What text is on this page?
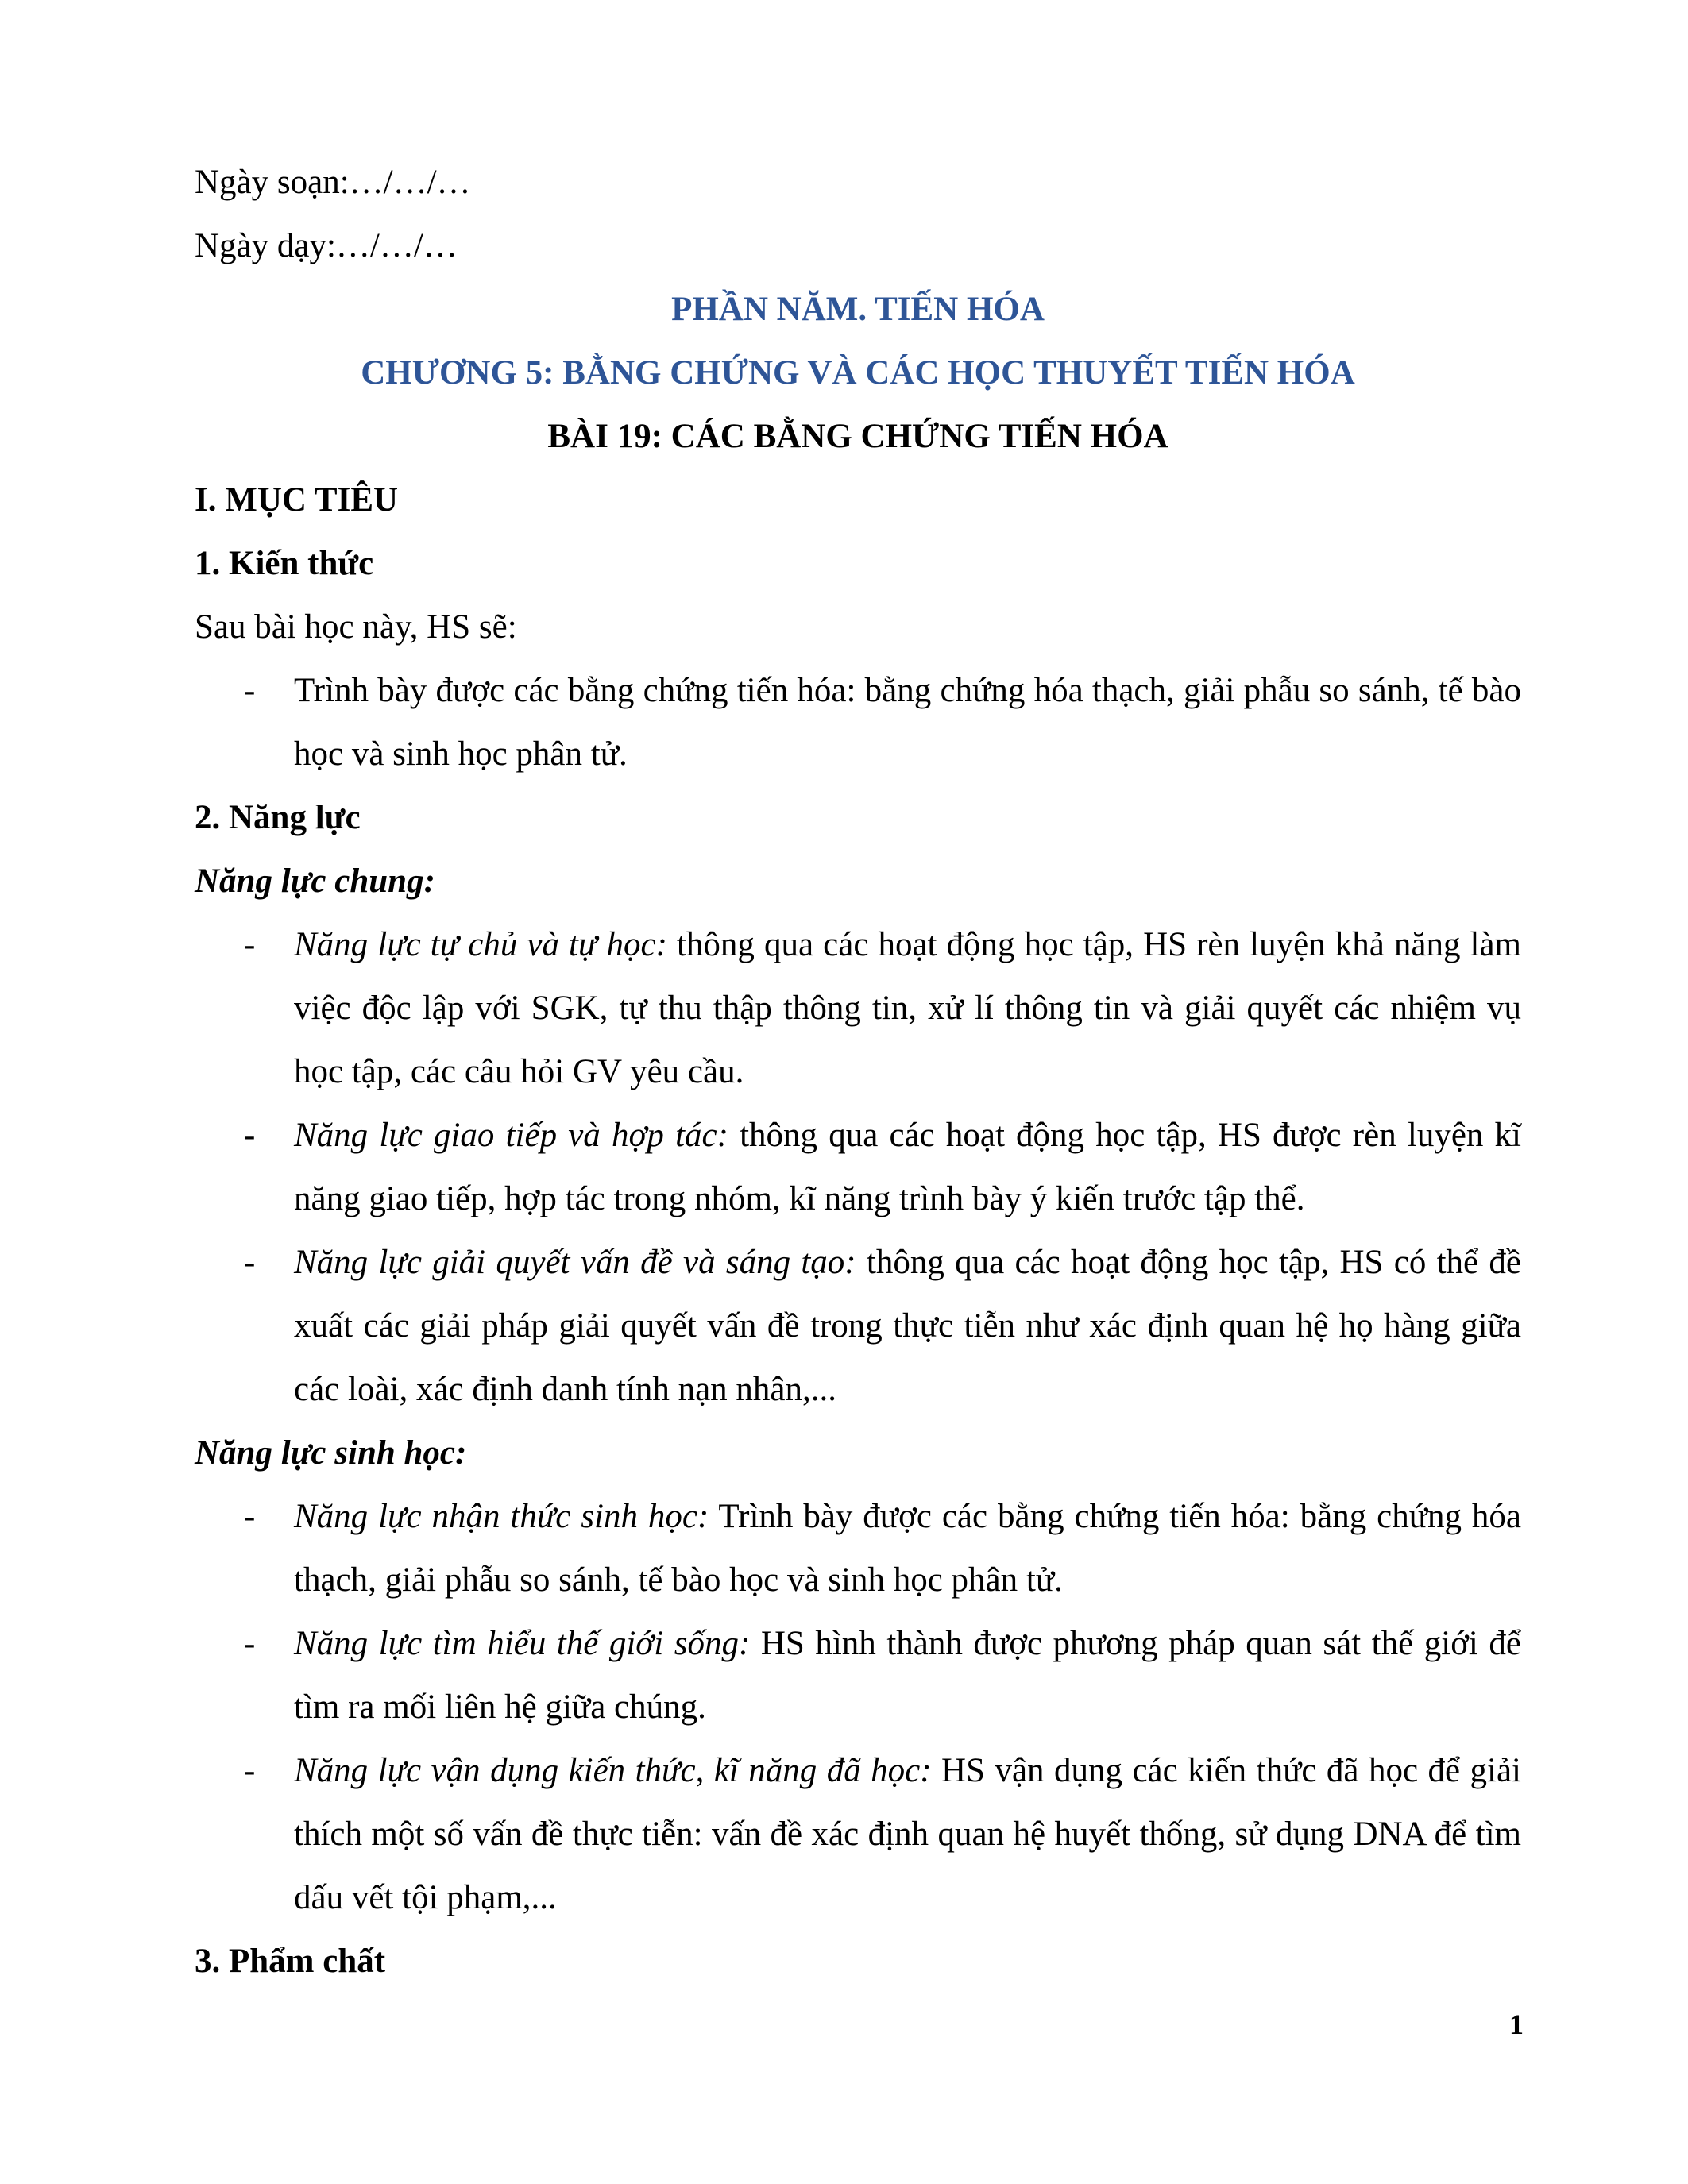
Ngày soạn:…/…/…
Ngày dạy:…/…/…
PHẦN NĂM. TIẾN HÓA
CHƯƠNG 5: BẰNG CHỨNG VÀ CÁC HỌC THUYẾT TIẾN HÓA
BÀI 19: CÁC BẰNG CHỨNG TIẾN HÓA
I. MỤC TIÊU
1. Kiến thức
Sau bài học này, HS sẽ:
- Trình bày được các bằng chứng tiến hóa: bằng chứng hóa thạch, giải phẫu so sánh, tế bào học và sinh học phân tử.
2. Năng lực
Năng lực chung:
- Năng lực tự chủ và tự học: thông qua các hoạt động học tập, HS rèn luyện khả năng làm việc độc lập với SGK, tự thu thập thông tin, xử lí thông tin và giải quyết các nhiệm vụ học tập, các câu hỏi GV yêu cầu.
- Năng lực giao tiếp và hợp tác: thông qua các hoạt động học tập, HS được rèn luyện kĩ năng giao tiếp, hợp tác trong nhóm, kĩ năng trình bày ý kiến trước tập thể.
- Năng lực giải quyết vấn đề và sáng tạo: thông qua các hoạt động học tập, HS có thể đề xuất các giải pháp giải quyết vấn đề trong thực tiễn như xác định quan hệ họ hàng giữa các loài, xác định danh tính nạn nhân,...
Năng lực sinh học:
- Năng lực nhận thức sinh học: Trình bày được các bằng chứng tiến hóa: bằng chứng hóa thạch, giải phẫu so sánh, tế bào học và sinh học phân tử.
- Năng lực tìm hiểu thế giới sống: HS hình thành được phương pháp quan sát thế giới để tìm ra mối liên hệ giữa chúng.
- Năng lực vận dụng kiến thức, kĩ năng đã học: HS vận dụng các kiến thức đã học để giải thích một số vấn đề thực tiễn: vấn đề xác định quan hệ huyết thống, sử dụng DNA để tìm dấu vết tội phạm,...
3. Phẩm chất
1
